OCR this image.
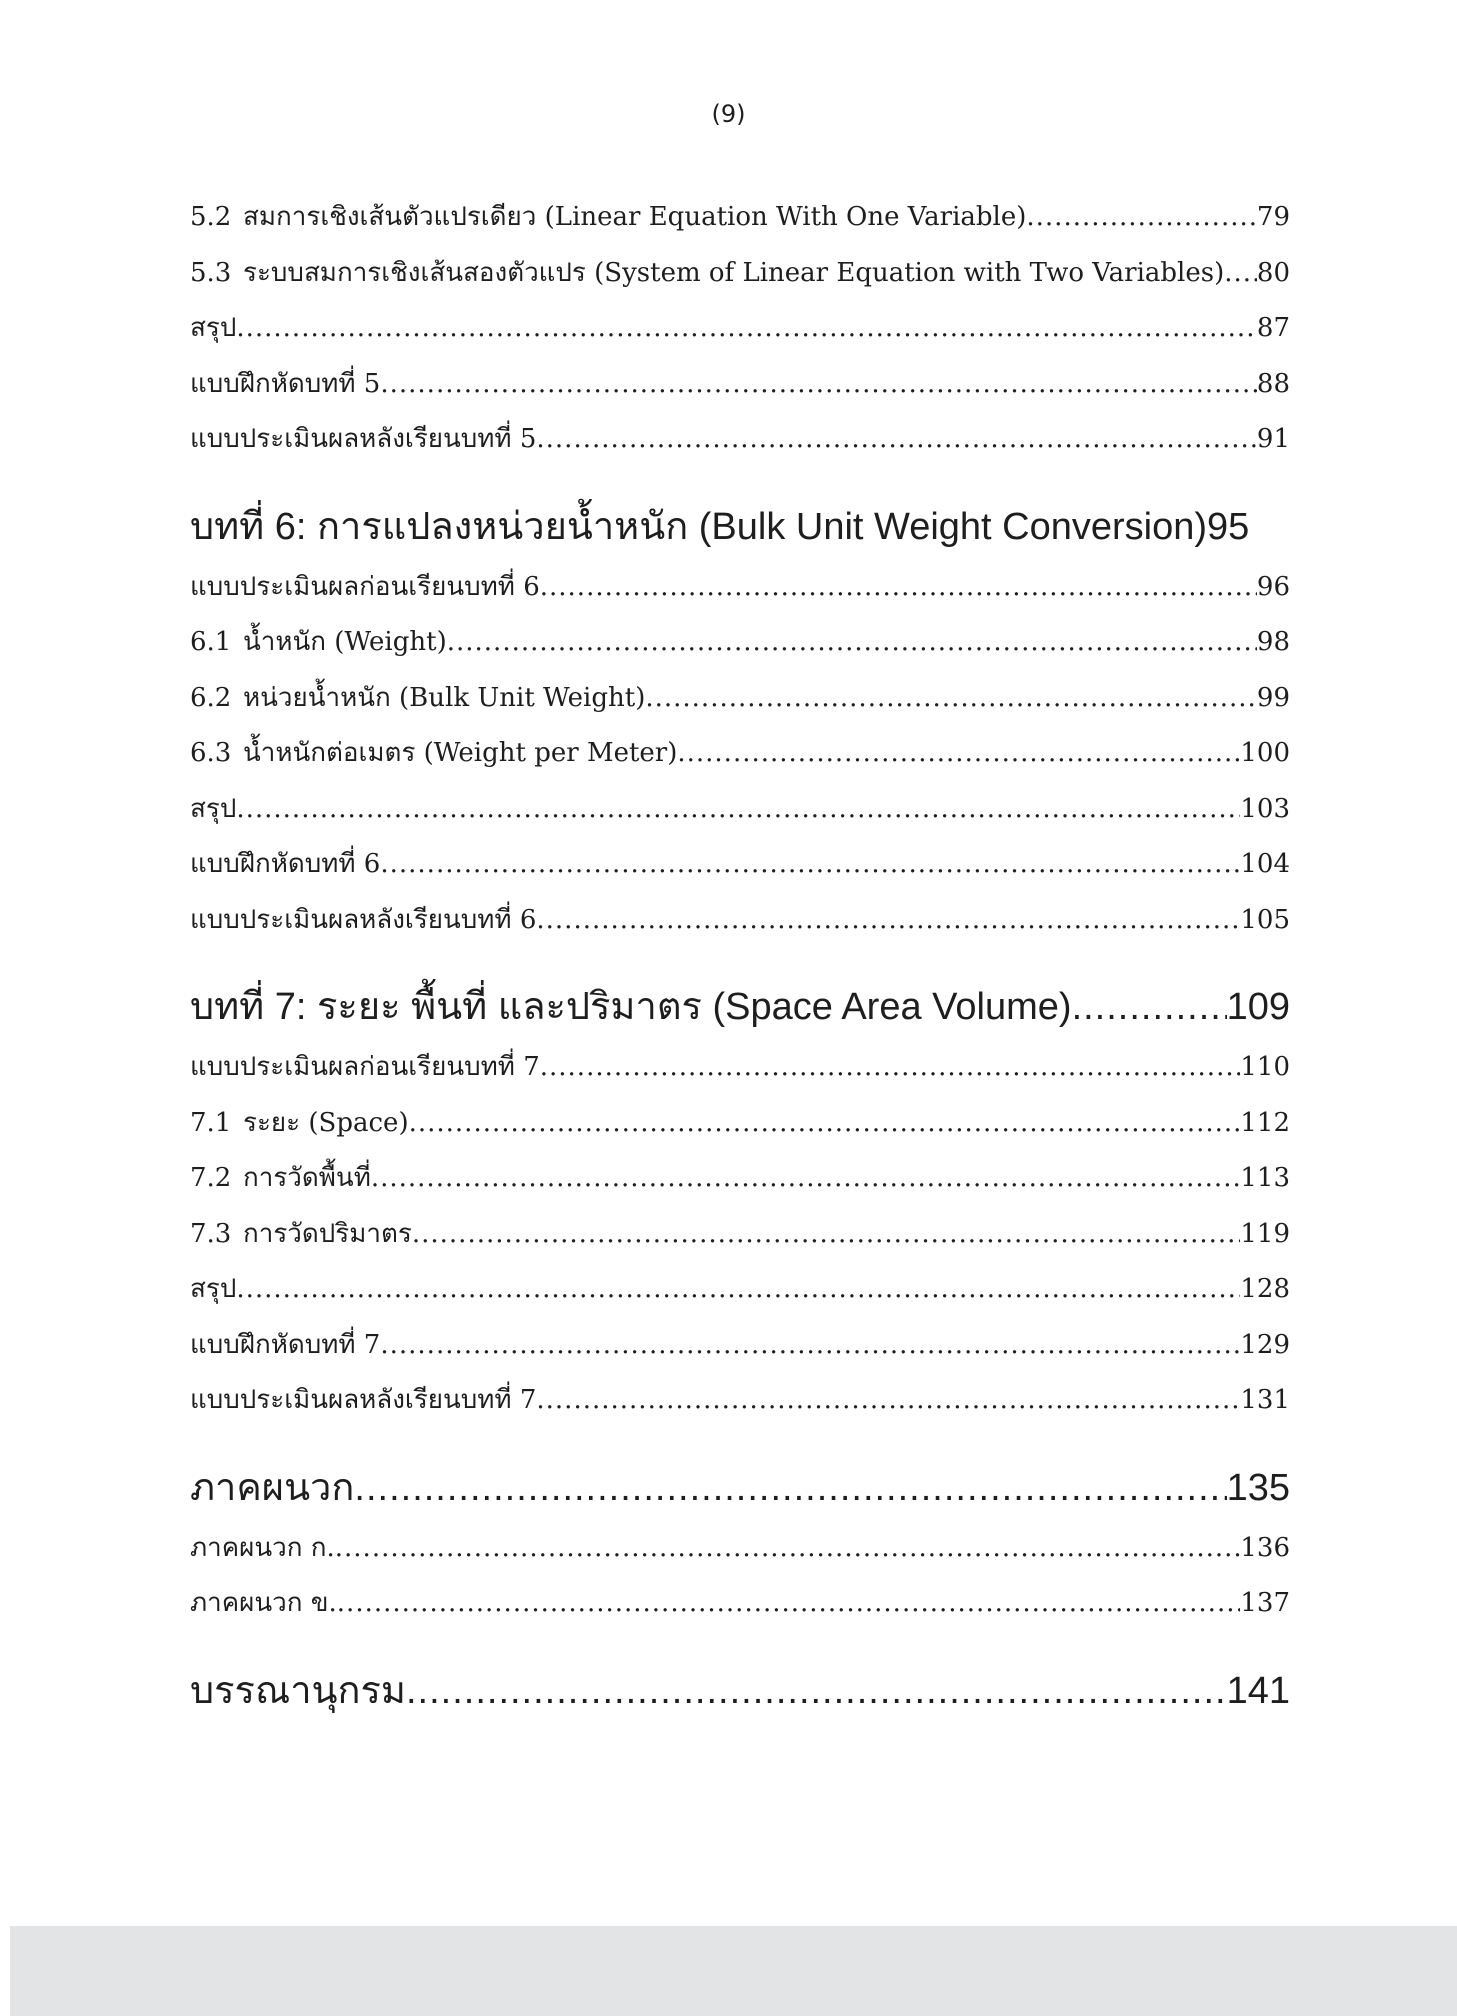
(9)
5.2 สมการเชิงเส้นตัวแปรเดียว (Linear Equation With One Variable) .....	79
5.3 ระบบสมการเชิงเส้นสองตัวแปร (System of Linear Equation with Two Variables) ..... 80
สรุป .....	87
แบบฝึกหัดบทที่ 5 .....	88
แบบประเมินผลหลังเรียนบทที่ 5 .....	91
บทที่ 6: การแปลงหน่วยน้ำหนัก (Bulk Unit Weight Conversion) 95
แบบประเมินผลก่อนเรียนบทที่ 6 .....	96
6.1 น้ำหนัก (Weight) .....	98
6.2 หน่วยน้ำหนัก (Bulk Unit Weight) .....	99
6.3 น้ำหนักต่อเมตร (Weight per Meter) .....	100
สรุป .....	103
แบบฝึกหัดบทที่ 6 .....	104
แบบประเมินผลหลังเรียนบทที่ 6 .....	105
บทที่ 7: ระยะ พื้นที่ และปริมาตร (Space Area Volume) .....	109
แบบประเมินผลก่อนเรียนบทที่ 7 .....	110
7.1 ระยะ (Space) .....	112
7.2 การวัดพื้นที่ .....	113
7.3 การวัดปริมาตร .....	119
สรุป .....	128
แบบฝึกหัดบทที่ 7 .....	129
แบบประเมินผลหลังเรียนบทที่ 7 .....	131
ภาคผนวก .....	135
ภาคผนวก ก. .....	136
ภาคผนวก ข. .....	137
บรรณานุกรม .....	141
